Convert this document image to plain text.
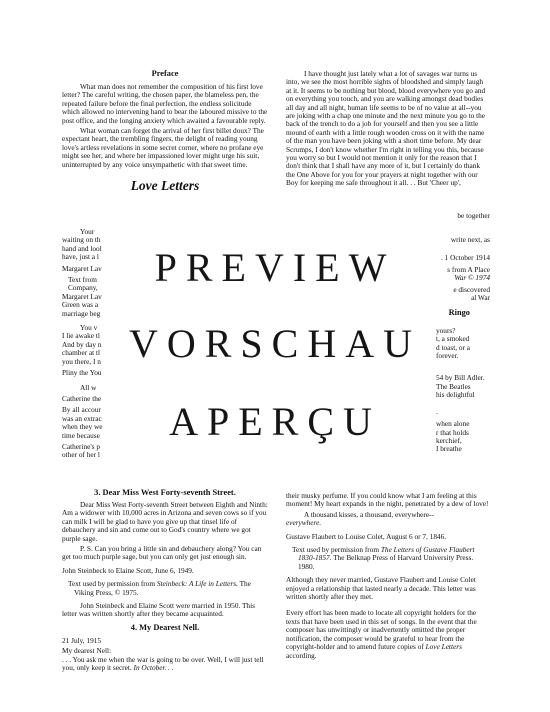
Preface

What man does not remember the composition of his first love letter? The careful writing, the chosen paper, the blameless pen, the repeated failure before the final perfection, the endless solicitude which allowed no intervening hand to bear the laboured missive to the post office, and the longing anxiety which awaited a favourable reply.

What woman can forget the arrival of her first billet doux? The expectant heart, the trembling fingers, the delight of reading young love's artless revelations in some secret corner, where no profane eye might see her, and where her impassioned lover might urge his suit, uninterrupted by any voice unsympathetic with that sweet time.

Love Letters

I have thought just lately what a lot of savages war turns us into, we see the most horrible sights of bloodshed and simply laugh at it. It seems to be nothing but blood, blood everywhere you go and on everything you touch, and you are walking amongst dead bodies all day and all night, human life seems to be of no value at all--you are joking with a chap one minute and the next minute you go to the back of the trench to do a job for yourself and then you see a little mound of earth with a little rough wooden cross on it with the name of the man you have been joking with a short time before. My dear Scrumps, I don't know whether I'm right in telling you this, because you worry so but I would not mention it only for the reason that I don't think that I shall have any more of it, but I certainly do thank the One Above for you for your prayers at night together with our Boy for keeping me safe throughout it all. . . But 'Cheer up',

Your
waiting on th
hand and lool
have, just a l
Margaret Lav
Text from
Company,
Margaret Lav
Green was a
marriage beg
You v
I lie awake tl
And by day n
chamber at tl
you there, I n
Pliny the You
All w
Catherine the
By all accour
was an extrac
when they we
time because
Catherine's p
other of her l
be together
write next, as
. 1 October 1914
s from A Place
War © 1974
e discovered
al War
Ringo
yours?
t, a smoked
d toast, or a
forever.
54 by Bill Adler.
The Beatles
his delightful
.
when alone
r that holds
kerchief,
I breathe
PREVIEW
VORSCHAU
APERÇU
3. Dear Miss West Forty-seventh Street.

Dear Miss West Forty-seventh Street between Eighth and Ninth: Am a widower with 10,000 acres in Arizona and seven cows so if you can milk I will be glad to have you give up that tinsel life of debauchery and sin and come out to God's country where we got purple sage.

P. S. Can you bring a little sin and debauchery along? You can get too much purple sage, but you can only get just enough sin.

John Steinbeck to Elaine Scott, June 6, 1949.

Text used by permission from Steinbeck: A Life in Letters. The Viking Press, © 1975.

John Steinbeck and Elaine Scott were married in 1950. This letter was written shortly after they became acquainted.

4. My Dearest Nell.

21 July, 1915

My dearest Nell:

. . . You ask me when the war is going to be over. Well, I will just tell you, only keep it secret. In October. . .

their musky perfume. If you could know what I am feeling at this moment! My heart expands in the night, penetrated by a dew of love!

A thousand kisses, a thousand, everywhere--

everywhere.

Gustave Flaubert to Louise Colet, August 6 or 7, 1846.

Text used by permission from The Letters of Gustave Flaubert 1830-1857. The Belknap Press of Harvard University Press. 1980.

Although they never married, Gustave Flaubert and Louise Colet enjoyed a relationship that lasted nearly a decade. This letter was written shortly after they met.

Every effort has been made to locate all copyright holders for the texts that have been used in this set of songs. In the event that the composer has unwittingly or inadvertently omitted the proper notification, the composer would be grateful to hear from the copyright-holder and to amend future copies of Love Letters according.
